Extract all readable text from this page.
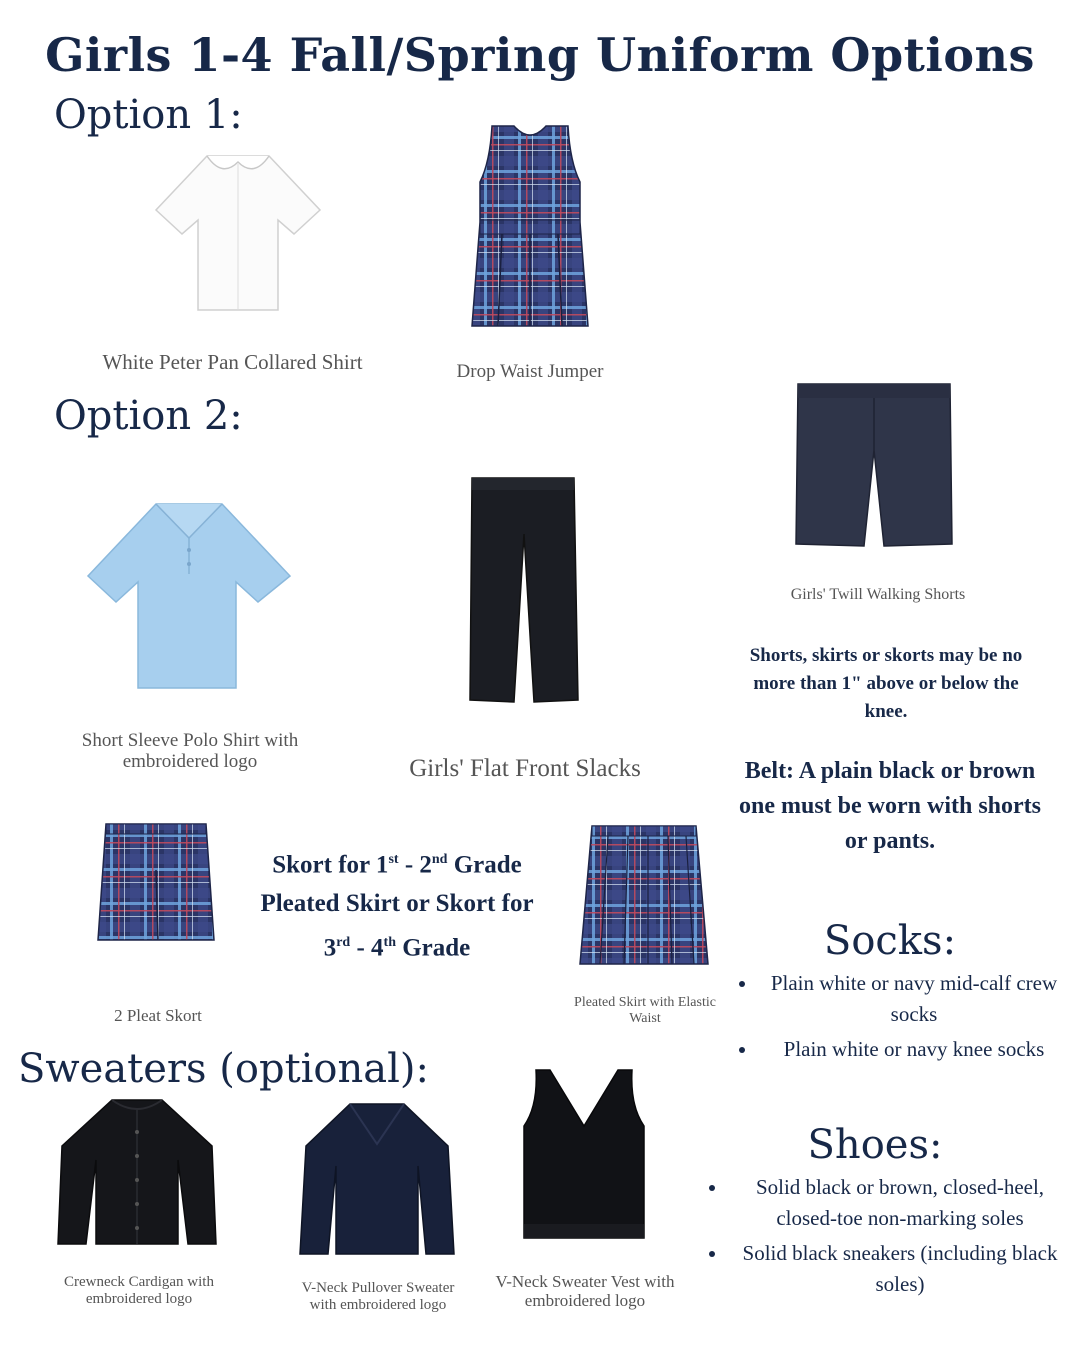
Girls 1-4 Fall/Spring Uniform Options
Option 1:
White Peter Pan Collared Shirt	Drop Waist Jumper
Option 2:
Girls' Twill Walking Shorts
Short Sleeve Polo Shirt with embroidered logo	Girls' Flat Front Slacks
Shorts, skirts or skorts may be no more than 1" above or below the knee.
Belt: A plain black or brown one must be worn with shorts or pants.
2 Pleat Skort
Skort for 1st - 2nd Grade
Pleated Skirt or Skort for
3rd - 4th Grade
Pleated Skirt with Elastic Waist
Socks:
• Plain white or navy mid-calf crew socks
• Plain white or navy knee socks
Sweaters (optional):
Crewneck Cardigan with embroidered logo
V-Neck Pullover Sweater with embroidered logo
V-Neck Sweater Vest with embroidered logo
Shoes:
• Solid black or brown, closed-heel, closed-toe non-marking soles
• Solid black sneakers (including black soles)
